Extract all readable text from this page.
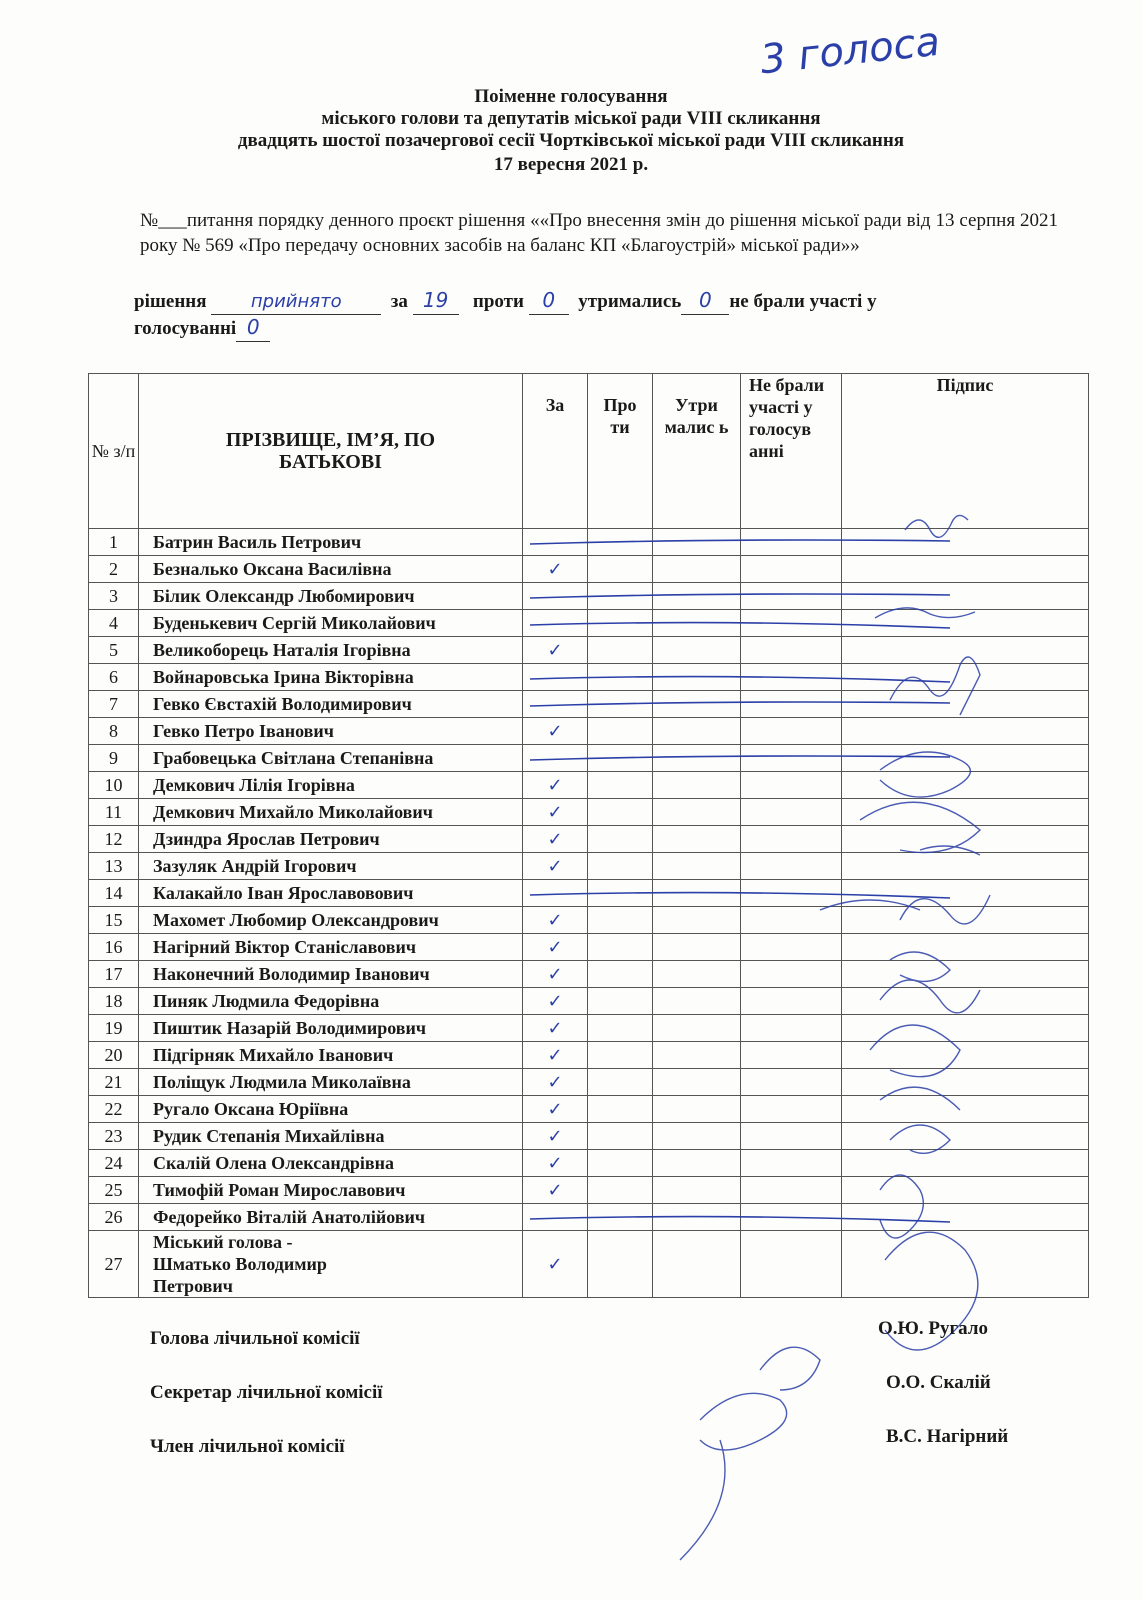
3 голоса
Поіменне голосування
міського голови та депутатів міської ради VIII скликання
двадцять шостої позачергової сесії Чортківської міської ради VIII скликання
17 вересня 2021 р.
№___питання порядку денного проєкт рішення ««Про внесення змін до рішення міської ради від 13 серпня 2021 року № 569 «Про передачу основних засобів на баланс КП «Благоустрій» міської ради»»
рішення прийнято	за 19 проти 0 утримались 0 не брали участі у
голосуванні 0
№ з/п	ПРІЗВИЩЕ, ІМ’Я, ПО БАТЬКОВІ	За	Про ти	Утри малис ь	Не брали участі у голосув анні	Підпис
1	Батрин Василь Петрович					
2	Безналько Оксана Василівна	✓				
3	Білик Олександр Любомирович					
4	Буденькевич Сергій Миколайович					
5	Великоборець Наталія Ігорівна	✓				
6	Войнаровська Ірина Вікторівна					
7	Гевко Євстахій Володимирович					
8	Гевко Петро Іванович	✓				
9	Грабовецька Світлана Степанівна					
10	Демкович Лілія Ігорівна	✓				
11	Демкович Михайло Миколайович	✓				
12	Дзиндра Ярослав Петрович	✓				
13	Зазуляк Андрій Ігорович	✓				
14	Калакайло Іван Ярославовович					
15	Махомет Любомир Олександрович	✓				
16	Нагірний Віктор Станіславович	✓				
17	Наконечний Володимир Іванович	✓				
18	Пиняк Людмила Федорівна	✓				
19	Пиштик Назарій Володимирович	✓				
20	Підгірняк Михайло Іванович	✓				
21	Поліщук Людмила Миколаївна	✓				
22	Ругало Оксана Юріївна	✓				
23	Рудик Степанія Михайлівна	✓				
24	Скалій Олена Олександрівна	✓				
25	Тимофій Роман Мирославович	✓				
26	Федорейко Віталій Анатолійович					
27	Міський голова - Шматько Володимир Петрович	✓				
Голова лічильної комісії	О.Ю. Ругало
Секретар лічильної комісії	О.О. Скалій
Член лічильної комісії	В.С. Нагірний
